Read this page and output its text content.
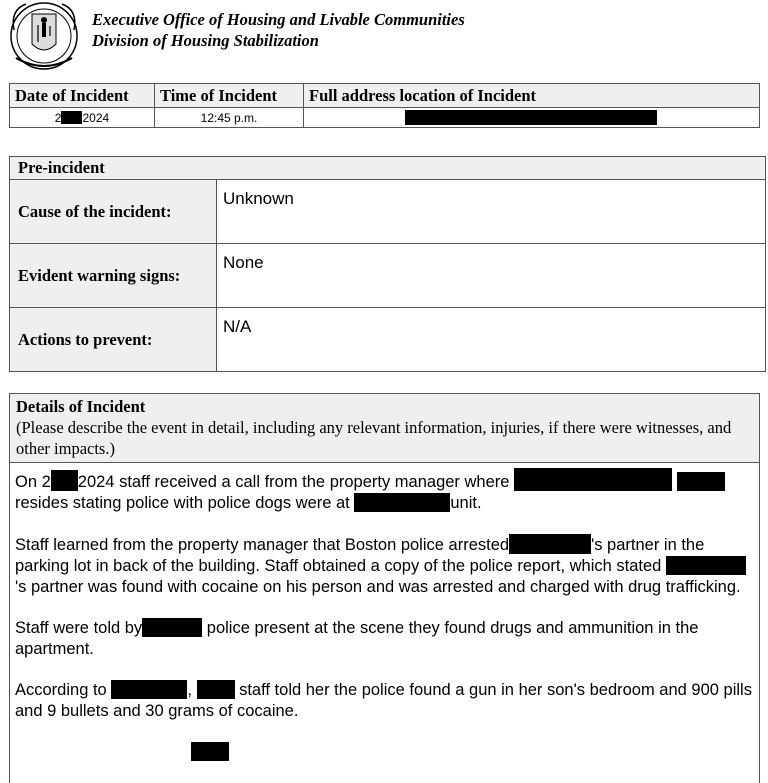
Executive Office of Housing and Livable Communities
Division of Housing Stabilization
Date of Incident	Time of Incident	Full address location of Incident
2 2024	12:45 p.m.	
Pre-incident	
Cause of the incident:	Unknown
Evident warning signs:	None
Actions to prevent:	N/A
Details of Incident
(Please describe the event in detail, including any relevant information, injuries, if there were witnesses, and other impacts.)

On 2 2024 staff received a call from the property manager where   resides stating police with police dogs were at	unit.

Staff learned from the property manager that Boston police arrested	's partner in the parking lot in back of the building. Staff obtained a copy of the police report, which stated 's partner was found with cocaine on his person and was arrested and charged with drug trafficking.

Staff were told by	police present at the scene they found drugs and ammunition in the apartment.

According to	,	staff told her the police found a gun in her son's bedroom and 900 pills and 9 bullets and 30 grams of cocaine.
